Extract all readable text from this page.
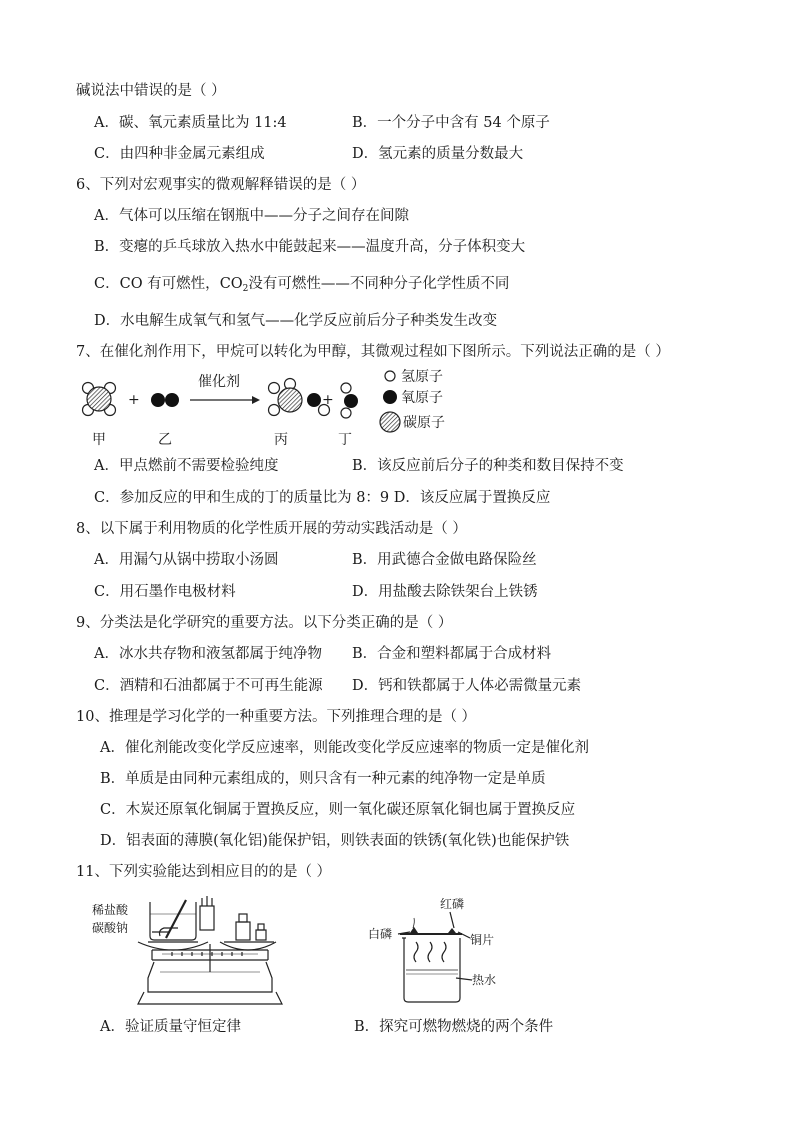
碱说法中错误的是（ ）
A．碳、氧元素质量比为 11:4	B．一个分子中含有 54 个原子
C．由四种非金属元素组成	D．氢元素的质量分数最大
6、下列对宏观事实的微观解释错误的是（ ）
A．气体可以压缩在钢瓶中——分子之间存在间隙
B．变瘪的乒乓球放入热水中能鼓起来——温度升高，分子体积变大
C．CO 有可燃性，$CO_2$没有可燃性——不同种分子化学性质不同
D．水电解生成氧气和氢气——化学反应前后分子种类发生改变
7、在催化剂作用下，甲烷可以转化为甲醇，其微观过程如下图所示。下列说法正确的是（ ）
+
催化剂
+
甲	乙	丙	丁
氢原子
氧原子
碳原子
A．甲点燃前不需要检验纯度	B．该反应前后分子的种类和数目保持不变
C．参加反应的甲和生成的丁的质量比为 8：9 D．该反应属于置换反应
8、以下属于利用物质的化学性质开展的劳动实践活动是（ ）
A．用漏勺从锅中捞取小汤圆	B．用武德合金做电路保险丝
C．用石墨作电极材料	D．用盐酸去除铁架台上铁锈
9、分类法是化学研究的重要方法。以下分类正确的是（ ）
A．冰水共存物和液氢都属于纯净物 B．合金和塑料都属于合成材料
C．酒精和石油都属于不可再生能源 D．钙和铁都属于人体必需微量元素
10、推理是学习化学的一种重要方法。下列推理合理的是（ ）
A．催化剂能改变化学反应速率，则能改变化学反应速率的物质一定是催化剂
B．单质是由同种元素组成的，则只含有一种元素的纯净物一定是单质
C．木炭还原氧化铜属于置换反应，则一氧化碳还原氧化铜也属于置换反应
D．铝表面的薄膜(氧化铝)能保护铝，则铁表面的铁锈(氧化铁)也能保护铁
11、下列实验能达到相应目的的是（ ）
稀盐酸
碳酸钠
红磷
白磷	铜片
热水
A．验证质量守恒定律	B．探究可燃物燃烧的两个条件
